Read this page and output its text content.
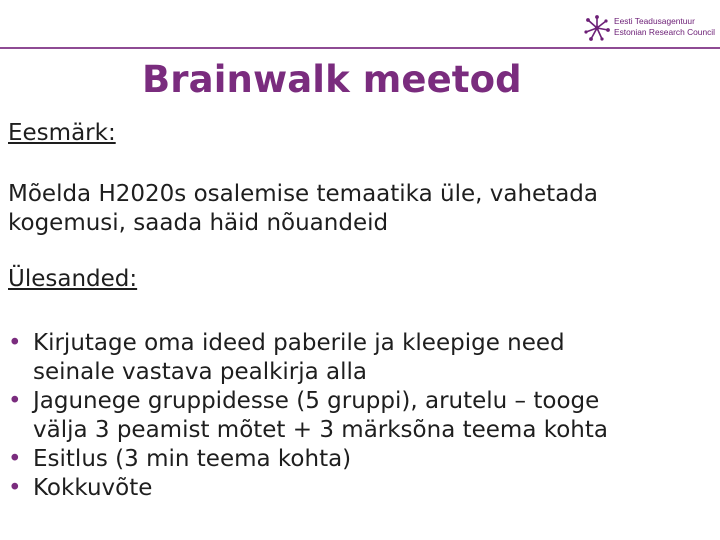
Eesti Teadusagentuur
Estonian Research Council
Brainwalk meetod
Eesmärk:
Mõelda H2020s osalemise temaatika üle, vahetada
kogemusi, saada häid nõuandeid
Ülesanded:
• Kirjutage oma ideed paberile ja kleepige need
seinale vastava pealkirja alla
• Jagunege gruppidesse (5 gruppi), arutelu – tooge
välja 3 peamist mõtet + 3 märksõna teema kohta
• Esitlus (3 min teema kohta)
• Kokkuvõte
